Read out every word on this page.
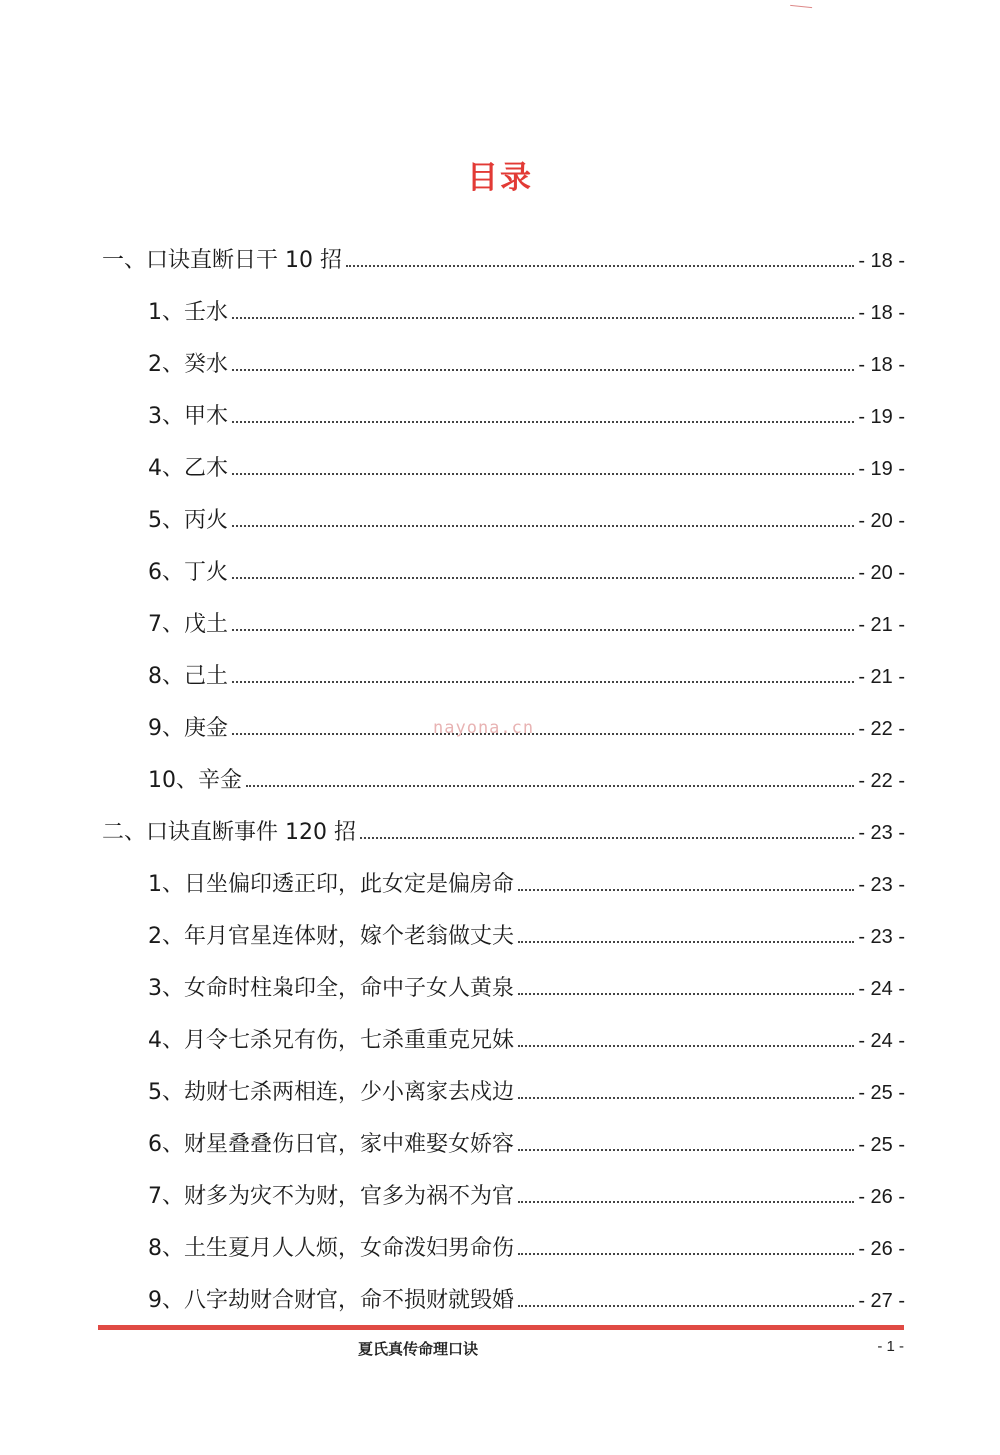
目录
一、口诀直断日干 10 招	- 18 -
1、壬水	- 18 -
2、癸水	- 18 -
3、甲木	- 19 -
4、乙木	- 19 -
5、丙火	- 20 -
6、丁火	- 20 -
7、戊土	- 21 -
8、己土	- 21 -
9、庚金	- 22 -
10、辛金	- 22 -
二、口诀直断事件 120 招	- 23 -
1、日坐偏印透正印，此女定是偏房命	- 23 -
2、年月官星连体财，嫁个老翁做丈夫	- 23 -
3、女命时柱枭印全，命中子女人黄泉	- 24 -
4、月令七杀兄有伤，七杀重重克兄妹	- 24 -
5、劫财七杀两相连，少小离家去戍边	- 25 -
6、财星叠叠伤日官，家中难娶女娇容	- 25 -
7、财多为灾不为财，官多为祸不为官	- 26 -
8、土生夏月人人烦，女命泼妇男命伤	- 26 -
9、八字劫财合财官，命不损财就毁婚	- 27 -
nayona.cn
夏氏真传命理口诀	- 1 -
